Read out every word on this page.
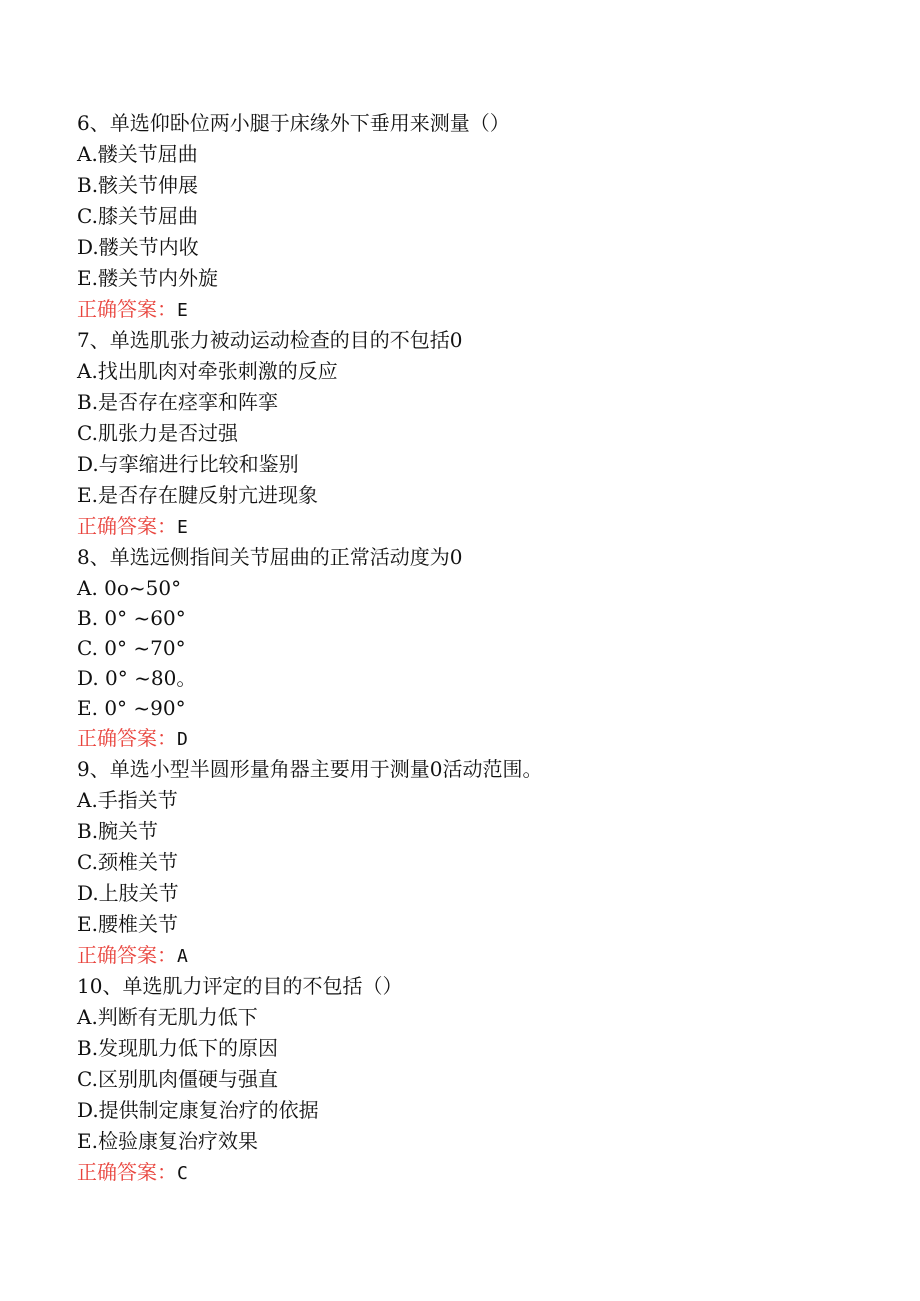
6、单选仰卧位两小腿于床缘外下垂用来测量（）
A.髅关节屈曲
B.骸关节伸展
C.膝关节屈曲
D.髅关节内收
E.髅关节内外旋
正确答案：E
7、单选肌张力被动运动检查的目的不包括0
A.找出肌肉对牵张刺激的反应
B.是否存在痉挛和阵挛
C.肌张力是否过强
D.与挛缩进行比较和鉴别
E.是否存在腱反射亢进现象
正确答案：E
8、单选远侧指间关节屈曲的正常活动度为0
A. 0o~50°
B. 0° ~60°
C. 0° ~70°
D. 0° ~80。
E. 0° ~90°
正确答案：D
9、单选小型半圆形量角器主要用于测量0活动范围。
A.手指关节
B.腕关节
C.颈椎关节
D.上肢关节
E.腰椎关节
正确答案：A
10、单选肌力评定的目的不包括（）
A.判断有无肌力低下
B.发现肌力低下的原因
C.区别肌肉僵硬与强直
D.提供制定康复治疗的依据
E.检验康复治疗效果
正确答案：C
